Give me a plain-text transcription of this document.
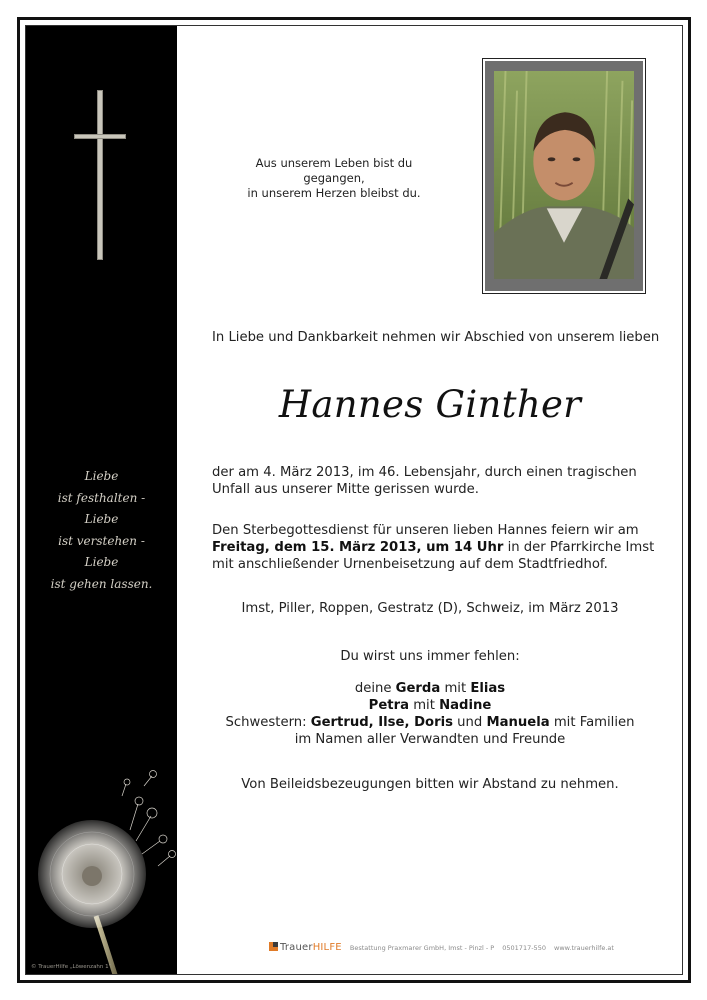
Liebe
ist festhalten -
Liebe
ist verstehen -
Liebe
ist gehen lassen.
© TrauerHilfe „Löwenzahn 1“
Aus unserem Leben bist du gegangen,
in unserem Herzen bleibst du.
In Liebe und Dankbarkeit nehmen wir Abschied von unserem lieben
Hannes Ginther
der am 4. März 2013, im 46. Lebensjahr, durch einen tragischen Unfall aus unserer Mitte gerissen wurde.
Den Sterbegottesdienst für unseren lieben Hannes feiern wir am Freitag, dem 15. März 2013, um 14 Uhr in der Pfarrkirche Imst mit anschließender Urnenbeisetzung auf dem Stadtfriedhof.
Imst, Piller, Roppen, Gestratz (D), Schweiz, im März 2013
Du wirst uns immer fehlen:
deine Gerda mit Elias
Petra mit Nadine
Schwestern: Gertrud, Ilse, Doris und Manuela mit Familien
im Namen aller Verwandten und Freunde
Von Beileidsbezeugungen bitten wir Abstand zu nehmen.
TrauerHILFE Bestattung Praxmarer GmbH, Imst - Pinzl - P 0501717-550 www.trauerhilfe.at
